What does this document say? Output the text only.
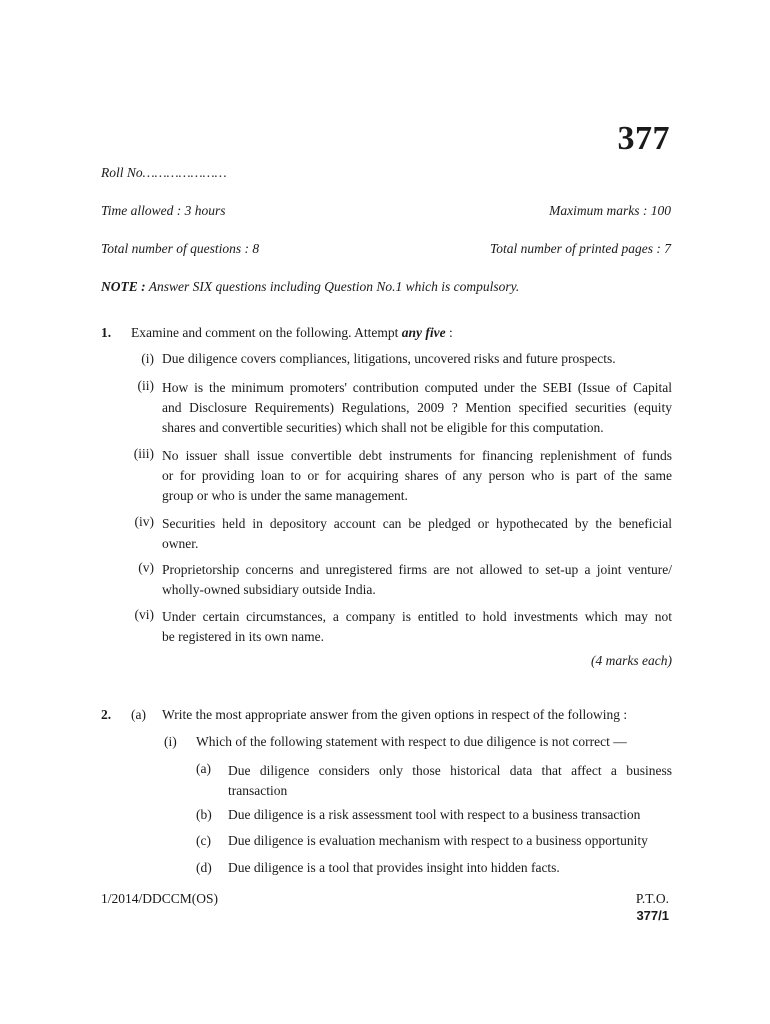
377
Roll No…………………
Time allowed : 3 hours	Maximum marks : 100
Total number of questions : 8	Total number of printed pages : 7
NOTE : Answer SIX questions including Question No.1 which is compulsory.
1. Examine and comment on the following. Attempt any five :
(i) Due diligence covers compliances, litigations, uncovered risks and future prospects.
(ii) How is the minimum promoters' contribution computed under the SEBI (Issue of Capital
and Disclosure Requirements) Regulations, 2009 ? Mention specified securities (equity
shares and convertible securities) which shall not be eligible for this computation.
(iii) No issuer shall issue convertible debt instruments for financing replenishment of funds
or for providing loan to or for acquiring shares of any person who is part of the same
group or who is under the same management.
(iv) Securities held in depository account can be pledged or hypothecated by the beneficial
owner.
(v) Proprietorship concerns and unregistered firms are not allowed to set-up a joint venture/
wholly-owned subsidiary outside India.
(vi) Under certain circumstances, a company is entitled to hold investments which may not
be registered in its own name.
(4 marks each)
2. (a) Write the most appropriate answer from the given options in respect of the following :
(i) Which of the following statement with respect to due diligence is not correct —
(a) Due diligence considers only those historical data that affect a business
transaction
(b) Due diligence is a risk assessment tool with respect to a business transaction
(c) Due diligence is evaluation mechanism with respect to a business opportunity
(d) Due diligence is a tool that provides insight into hidden facts.
1/2014/DDCCM(OS)	P.T.O.
377/1
